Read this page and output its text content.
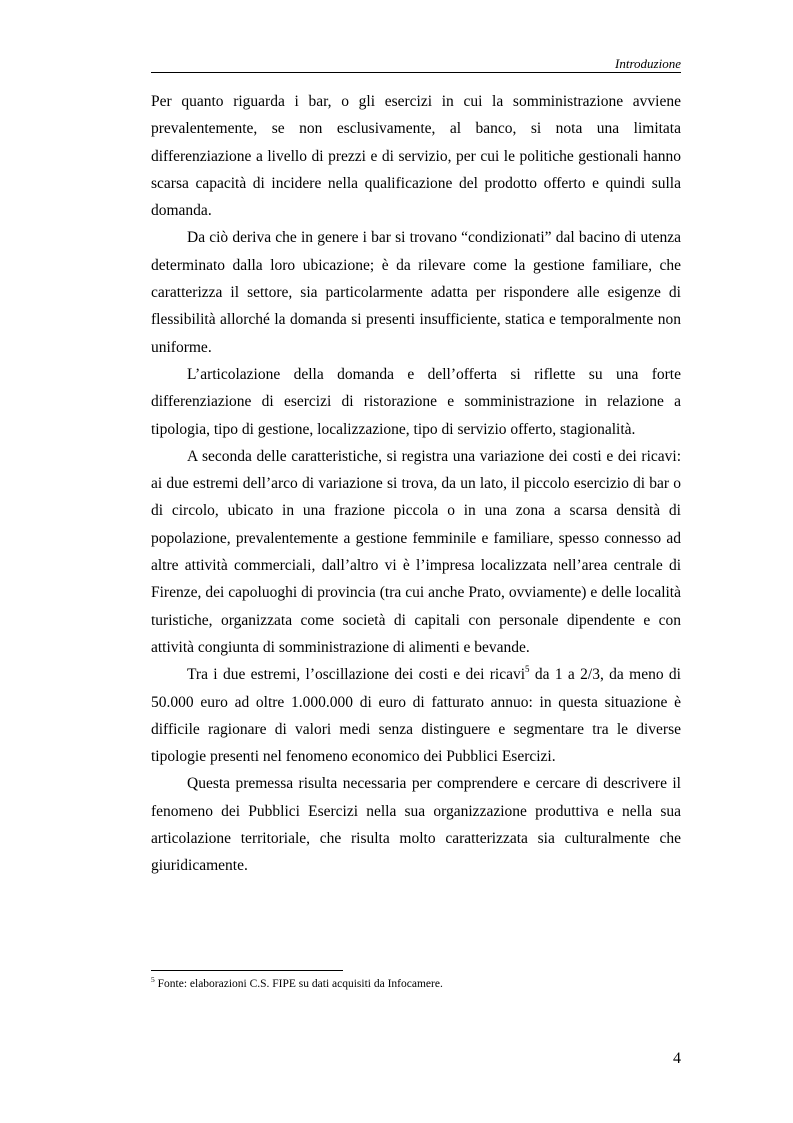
Introduzione

Per quanto riguarda i bar, o gli esercizi in cui la somministrazione avviene prevalentemente, se non esclusivamente, al banco, si nota una limitata differenziazione a livello di prezzi e di servizio, per cui le politiche gestionali hanno scarsa capacità di incidere nella qualificazione del prodotto offerto e quindi sulla domanda.

Da ciò deriva che in genere i bar si trovano “condizionati” dal bacino di utenza determinato dalla loro ubicazione; è da rilevare come la gestione familiare, che caratterizza il settore, sia particolarmente adatta per rispondere alle esigenze di flessibilità allorché la domanda si presenti insufficiente, statica e temporalmente non uniforme.

L’articolazione della domanda e dell’offerta si riflette su una forte differenziazione di esercizi di ristorazione e somministrazione in relazione a tipologia, tipo di gestione, localizzazione, tipo di servizio offerto, stagionalità.

A seconda delle caratteristiche, si registra una variazione dei costi e dei ricavi: ai due estremi dell’arco di variazione si trova, da un lato, il piccolo esercizio di bar o di circolo, ubicato in una frazione piccola o in una zona a scarsa densità di popolazione, prevalentemente a gestione femminile e familiare, spesso connesso ad altre attività commerciali, dall’altro vi è l’impresa localizzata nell’area centrale di Firenze, dei capoluoghi di provincia (tra cui anche Prato, ovviamente) e delle località turistiche, organizzata come società di capitali con personale dipendente e con attività congiunta di somministrazione di alimenti e bevande.

Tra i due estremi, l’oscillazione dei costi e dei ricavi$^5$ da 1 a 2/3, da meno di 50.000 euro ad oltre 1.000.000 di euro di fatturato annuo: in questa situazione è difficile ragionare di valori medi senza distinguere e segmentare tra le diverse tipologie presenti nel fenomeno economico dei Pubblici Esercizi.

Questa premessa risulta necessaria per comprendere e cercare di descrivere il fenomeno dei Pubblici Esercizi nella sua organizzazione produttiva e nella sua articolazione territoriale, che risulta molto caratterizzata sia culturalmente che giuridicamente.

$^5$ Fonte: elaborazioni C.S. FIPE su dati acquisiti da Infocamere.
4
